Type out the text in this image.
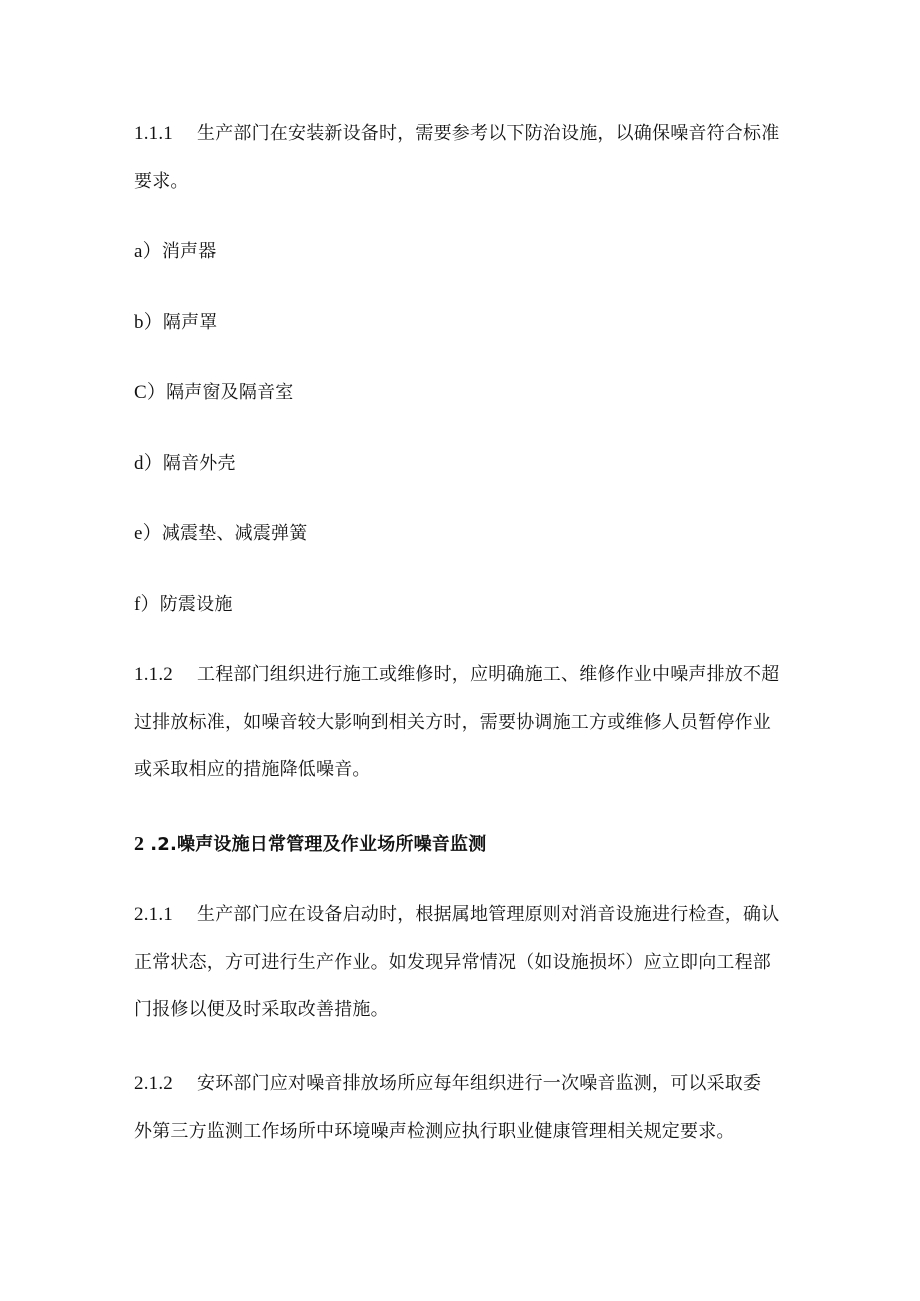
1.1.1 生产部门在安装新设备时，需要参考以下防治设施，以确保噪音符合标准
要求。
a）消声器
b）隔声罩
C）隔声窗及隔音室
d）隔音外壳
e）减震垫、减震弹簧
f）防震设施
1.1.2 工程部门组织进行施工或维修时，应明确施工、维修作业中噪声排放不超
过排放标准，如噪音较大影响到相关方时，需要协调施工方或维修人员暂停作业
或采取相应的措施降低噪音。
2 .2.噪声设施日常管理及作业场所噪音监测
2.1.1 生产部门应在设备启动时，根据属地管理原则对消音设施进行检查，确认
正常状态，方可进行生产作业。如发现异常情况（如设施损坏）应立即向工程部
门报修以便及时采取改善措施。
2.1.2 安环部门应对噪音排放场所应每年组织进行一次噪音监测，可以采取委
外第三方监测工作场所中环境噪声检测应执行职业健康管理相关规定要求。
